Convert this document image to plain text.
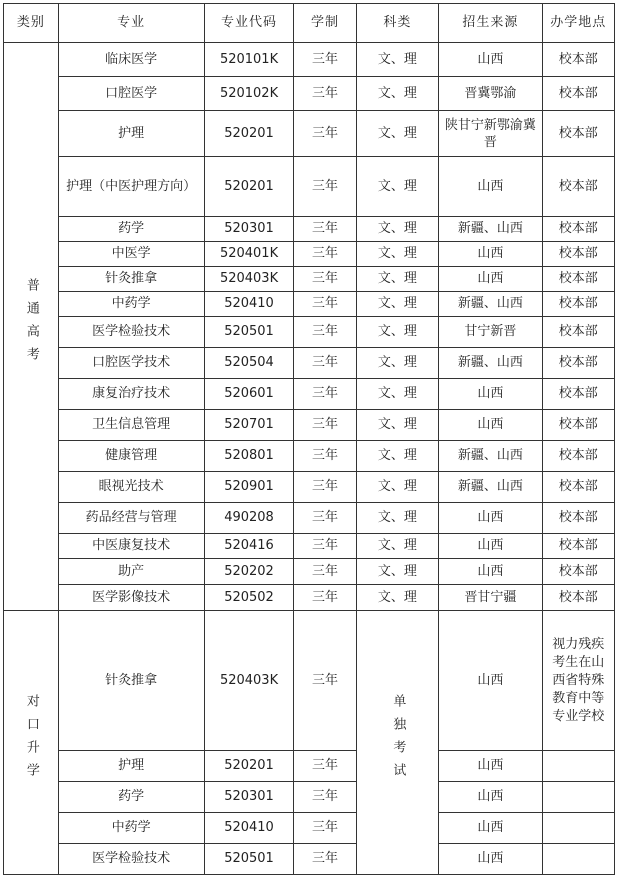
类别	专业	专业代码	学制	科类	招生来源	办学地点

普通高考	临床医学	520101K	三年	文、理	山西	校本部
	口腔医学	520102K	三年	文、理	晋冀鄂渝	校本部
	护理	520201	三年	文、理	陕甘宁新鄂渝冀晋	校本部

	护理（中医护理方向）	520201	三年	文、理	山西	校本部
	药学	520301	三年	文、理	新疆、山西	校本部
	中医学	520401K	三年	文、理	山西	校本部
	针灸推拿	520403K	三年	文、理	山西	校本部
	中药学	520410	三年	文、理	新疆、山西	校本部
	医学检验技术	520501	三年	文、理	甘宁新晋	校本部
	口腔医学技术	520504	三年	文、理	新疆、山西	校本部
	康复治疗技术	520601	三年	文、理	山西	校本部
	卫生信息管理	520701	三年	文、理	山西	校本部
	健康管理	520801	三年	文、理	新疆、山西	校本部
	眼视光技术	520901	三年	文、理	新疆、山西	校本部
	药品经营与管理	490208	三年	文、理	山西	校本部
	中医康复技术	520416	三年	文、理	山西	校本部
	助产	520202	三年	文、理	山西	校本部
	医学影像技术	520502	三年	文、理	晋甘宁疆	校本部
对口升学	针灸推拿	520403K	三年	单独考试	山西	视力残疾考生在山西省特殊教育中等专业学校

	护理	520201	三年		山西	
	药学	520301	三年		山西	
	中药学	520410	三年		山西	
	医学检验技术	520501	三年		山西	
